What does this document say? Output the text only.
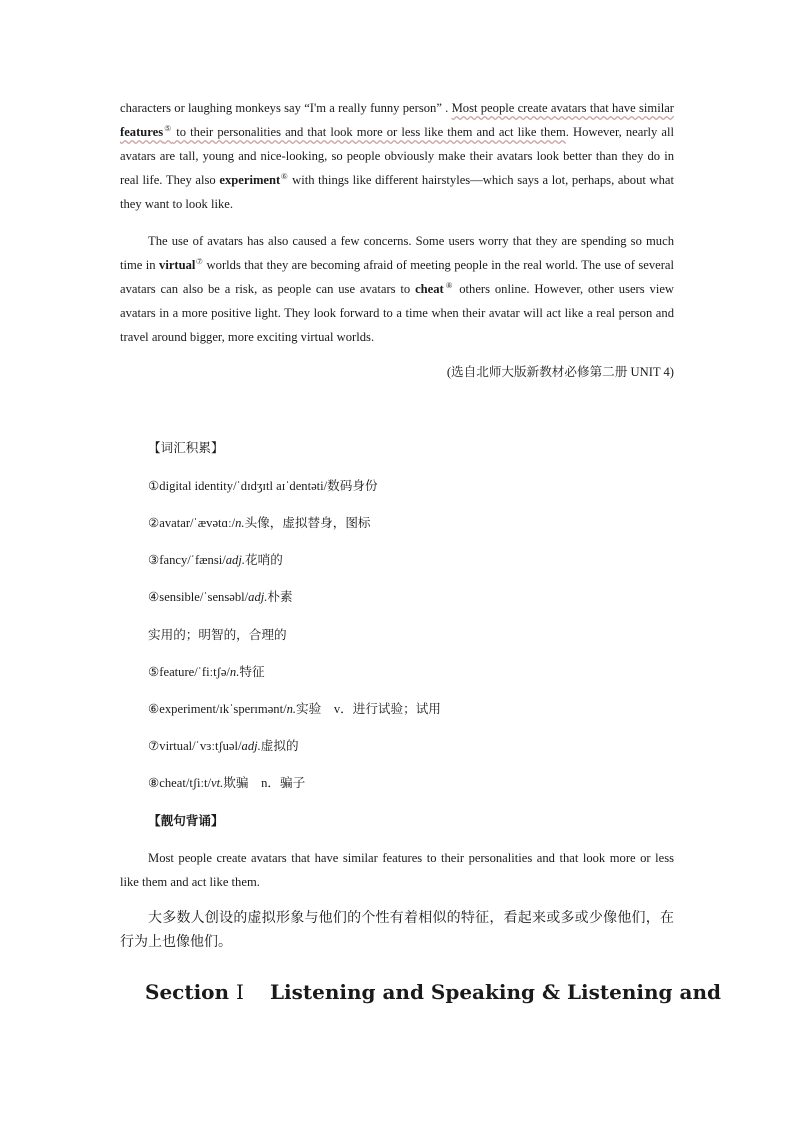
characters or laughing monkeys say “I'm a really funny person” . Most people create avatars that have similar features⑤ to their personalities and that look more or less like them and act like them. However, nearly all avatars are tall, young and nice-looking, so people obviously make their avatars look better than they do in real life. They also experiment⑥ with things like different hairstyles—which says a lot, perhaps, about what they want to look like.

The use of avatars has also caused a few concerns. Some users worry that they are spending so much time in virtual⑦ worlds that they are becoming afraid of meeting people in the real world. The use of several avatars can also be a risk, as people can use avatars to cheat⑧ others online. However, other users view avatars in a more positive light. They look forward to a time when their avatar will act like a real person and travel around bigger, more exciting virtual worlds.

(选自北师大版新教材必修第二册 UNIT 4)
【词汇积累】
①digital identity/ˈdɪdʒɪtl aɪˈdentəti/数码身份
②avatar/ˈævətɑː/n.头像，虚拟替身，图标
③fancy/ˈfænsi/adj.花哨的
④sensible/ˈsensəbl/adj.朴素
实用的；明智的，合理的
⑤feature/ˈfiːtʃə/n.特征
⑥experiment/ɪkˈsperɪmənt/n.实验    v．进行试验；试用
⑦virtual/ˈvɜːtʃuəl/adj.虚拟的
⑧cheat/tʃiːt/vt.欺骗    n．骗子
【靓句背诵】

Most people create avatars that have similar features to their personalities and that look more or less like them and act like them.

大多数人创设的虚拟形象与他们的个性有着相似的特征，看起来或多或少像他们，在行为上也像他们。

Section Ⅰ Listening and Speaking & Listening and
